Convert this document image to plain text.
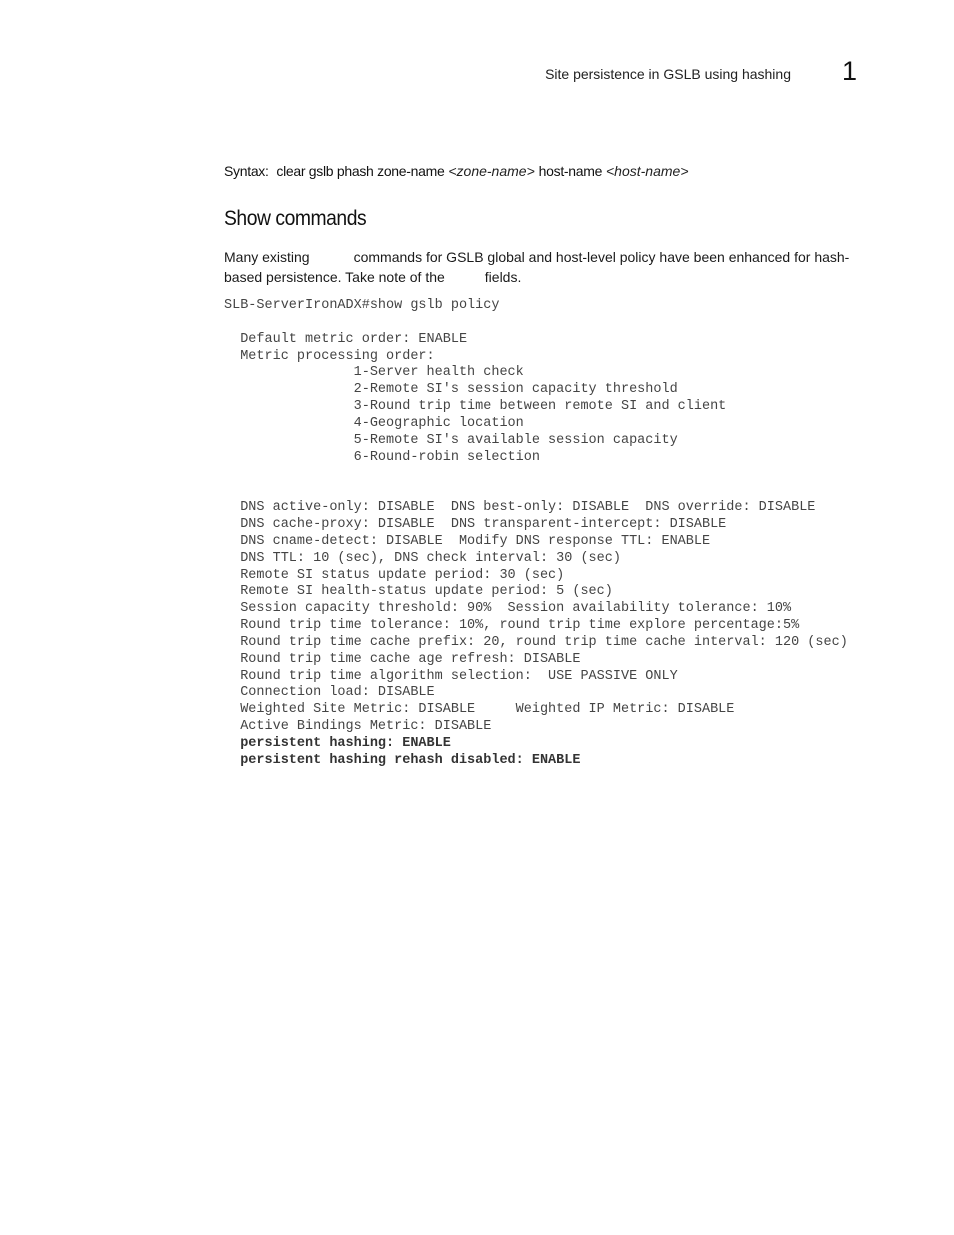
Site persistence in GSLB using hashing 1
Syntax: clear gslb phash zone-name <zone-name> host-name <host-name>
Show commands
Many existing	commands for GSLB global and host-level policy have been enhanced for hash-based persistence. Take note of the	fields.
SLB-ServerIronADX#show gslb policy
Default metric order: ENABLE
Metric processing order:
1-Server health check
2-Remote SI's session capacity threshold
3-Round trip time between remote SI and client
4-Geographic location
5-Remote SI's available session capacity
6-Round-robin selection
DNS active-only: DISABLE  DNS best-only: DISABLE  DNS override: DISABLE
DNS cache-proxy: DISABLE  DNS transparent-intercept: DISABLE
DNS cname-detect: DISABLE  Modify DNS response TTL: ENABLE
DNS TTL: 10 (sec), DNS check interval: 30 (sec)
Remote SI status update period: 30 (sec)
Remote SI health-status update period: 5 (sec)
Session capacity threshold: 90%  Session availability tolerance: 10%
Round trip time tolerance: 10%, round trip time explore percentage:5%
Round trip time cache prefix: 20, round trip time cache interval: 120 (sec)
Round trip time cache age refresh: DISABLE
Round trip time algorithm selection:  USE PASSIVE ONLY
Connection load: DISABLE
Weighted Site Metric: DISABLE     Weighted IP Metric: DISABLE
Active Bindings Metric: DISABLE
persistent hashing: ENABLE
persistent hashing rehash disabled: ENABLE
